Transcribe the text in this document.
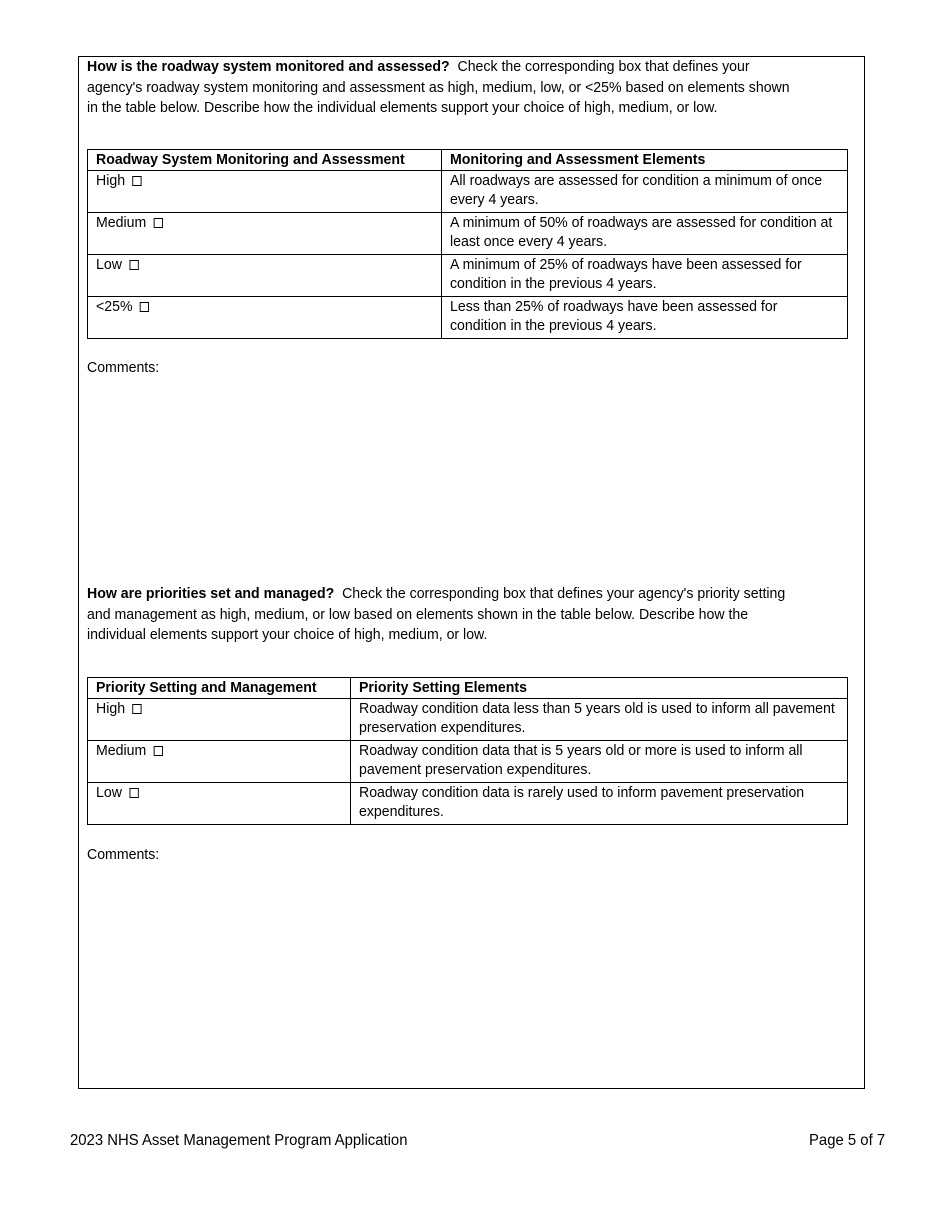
How is the roadway system monitored and assessed? Check the corresponding box that defines your agency's roadway system monitoring and assessment as high, medium, low, or <25% based on elements shown in the table below. Describe how the individual elements support your choice of high, medium, or low.
Roadway System Monitoring and Assessment	Monitoring and Assessment Elements
High	All roadways are assessed for condition a minimum of once every 4 years.

Medium	A minimum of 50% of roadways are assessed for condition at least once every 4 years.

Low	A minimum of 25% of roadways have been assessed for condition in the previous 4 years.

<25%	Less than 25% of roadways have been assessed for condition in the previous 4 years.
Comments:
How are priorities set and managed? Check the corresponding box that defines your agency's priority setting and management as high, medium, or low based on elements shown in the table below. Describe how the individual elements support your choice of high, medium, or low.
Priority Setting and Management	Priority Setting Elements
High	Roadway condition data less than 5 years old is used to inform all pavement preservation expenditures.

Medium	Roadway condition data that is 5 years old or more is used to inform all pavement preservation expenditures.

Low	Roadway condition data is rarely used to inform pavement preservation expenditures.
Comments:
2023 NHS Asset Management Program Application	Page 5 of 7
